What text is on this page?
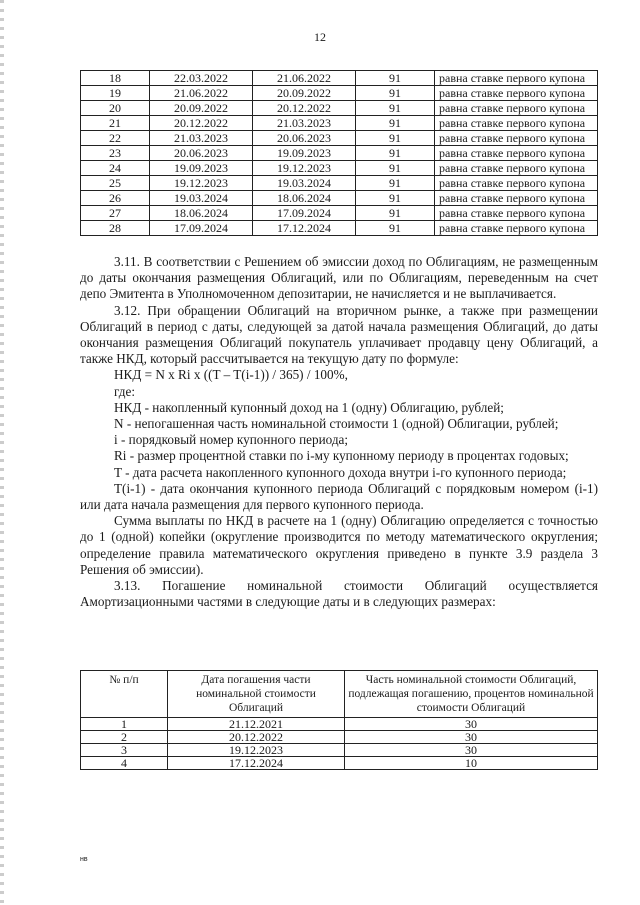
12
18	22.03.2022	21.06.2022	91	равна ставке первого купона
19	21.06.2022	20.09.2022	91	равна ставке первого купона
20	20.09.2022	20.12.2022	91	равна ставке первого купона
21	20.12.2022	21.03.2023	91	равна ставке первого купона
22	21.03.2023	20.06.2023	91	равна ставке первого купона
23	20.06.2023	19.09.2023	91	равна ставке первого купона
24	19.09.2023	19.12.2023	91	равна ставке первого купона
25	19.12.2023	19.03.2024	91	равна ставке первого купона
26	19.03.2024	18.06.2024	91	равна ставке первого купона
27	18.06.2024	17.09.2024	91	равна ставке первого купона
28	17.09.2024	17.12.2024	91	равна ставке первого купона

3.11. В соответствии с Решением об эмиссии доход по Облигациям, не размещенным до даты окончания размещения Облигаций, или по Облигациям, переведенным на счет депо Эмитента в Уполномоченном депозитарии, не начисляется и не выплачивается.

3.12. При обращении Облигаций на вторичном рынке, а также при размещении Облигаций в период с даты, следующей за датой начала размещения Облигаций, до даты окончания размещения Облигаций покупатель уплачивает продавцу цену Облигаций, а также НКД, который рассчитывается на текущую дату по формуле:

НКД = N x Ri x ((T – T(i-1)) / 365) / 100%,

где:

НКД - накопленный купонный доход на 1 (одну) Облигацию, рублей;

N - непогашенная часть номинальной стоимости 1 (одной) Облигации, рублей;

i - порядковый номер купонного периода;

Ri - размер процентной ставки по i-му купонному периоду в процентах годовых;

T - дата расчета накопленного купонного дохода внутри i-го купонного периода;

T(i-1) - дата окончания купонного периода Облигаций с порядковым номером (i-1) или дата начала размещения для первого купонного периода.

Сумма выплаты по НКД в расчете на 1 (одну) Облигацию определяется с точностью до 1 (одной) копейки (округление производится по методу математического округления; определение правила математического округления приведено в пункте 3.9 раздела 3 Решения об эмиссии).

3.13. Погашение номинальной стоимости Облигаций осуществляется Амортизационными частями в следующие даты и в следующих размерах:

№ п/п	Дата погашения части номинальной стоимости Облигаций	Часть номинальной стоимости Облигаций, подлежащая погашению, процентов номинальной стоимости Облигаций
1	21.12.2021	30
2	20.12.2022	30
3	19.12.2023	30
4	17.12.2024	10
нв
